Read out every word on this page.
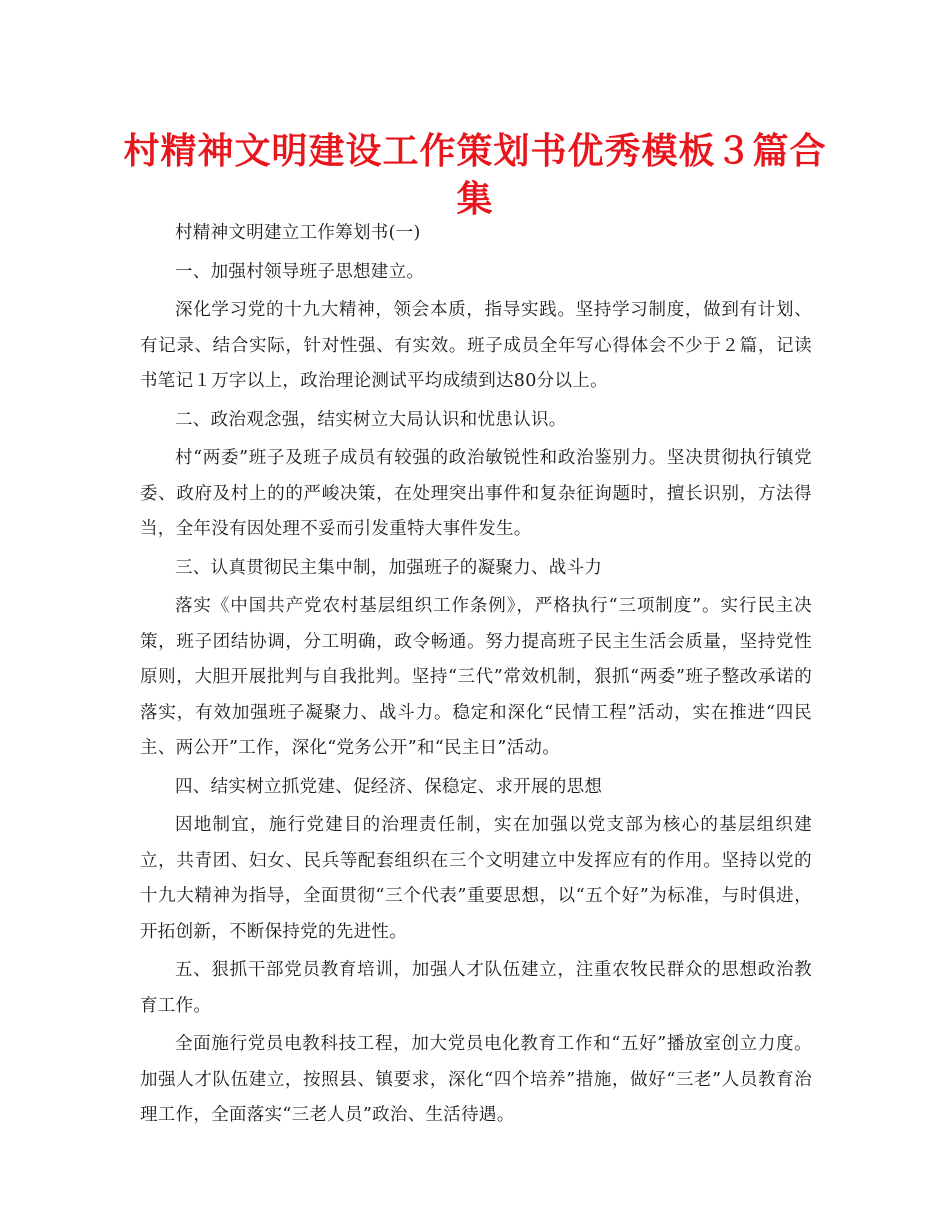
村精神文明建设工作策划书优秀模板３篇合集

村精神文明建立工作筹划书(一)

一、加强村领导班子思想建立。

深化学习党的十九大精神，领会本质，指导实践。坚持学习制度，做到有计划、有记录、结合实际，针对性强、有实效。班子成员全年写心得体会不少于２篇，记读书笔记１万字以上，政治理论测试平均成绩到达80分以上。

二、政治观念强，结实树立大局认识和忧患认识。

村“两委”班子及班子成员有较强的政治敏锐性和政治鉴别力。坚决贯彻执行镇党委、政府及村上的的严峻决策，在处理突出事件和复杂征询题时，擅长识别，方法得当，全年没有因处理不妥而引发重特大事件发生。

三、认真贯彻民主集中制，加强班子的凝聚力、战斗力

落实《中国共产党农村基层组织工作条例》，严格执行“三项制度”。实行民主决策，班子团结协调，分工明确，政令畅通。努力提高班子民主生活会质量，坚持党性原则，大胆开展批判与自我批判。坚持“三代”常效机制，狠抓“两委”班子整改承诺的落实，有效加强班子凝聚力、战斗力。稳定和深化“民情工程”活动，实在推进“四民主、两公开”工作，深化“党务公开”和“民主日”活动。

四、结实树立抓党建、促经济、保稳定、求开展的思想

因地制宜，施行党建目的治理责任制，实在加强以党支部为核心的基层组织建立，共青团、妇女、民兵等配套组织在三个文明建立中发挥应有的作用。坚持以党的十九大精神为指导，全面贯彻“三个代表”重要思想，以“五个好”为标准，与时俱进，开拓创新，不断保持党的先进性。

五、狠抓干部党员教育培训，加强人才队伍建立，注重农牧民群众的思想政治教育工作。

全面施行党员电教科技工程，加大党员电化教育工作和“五好”播放室创立力度。加强人才队伍建立，按照县、镇要求，深化“四个培养”措施，做好“三老”人员教育治理工作，全面落实“三老人员”政治、生活待遇。
